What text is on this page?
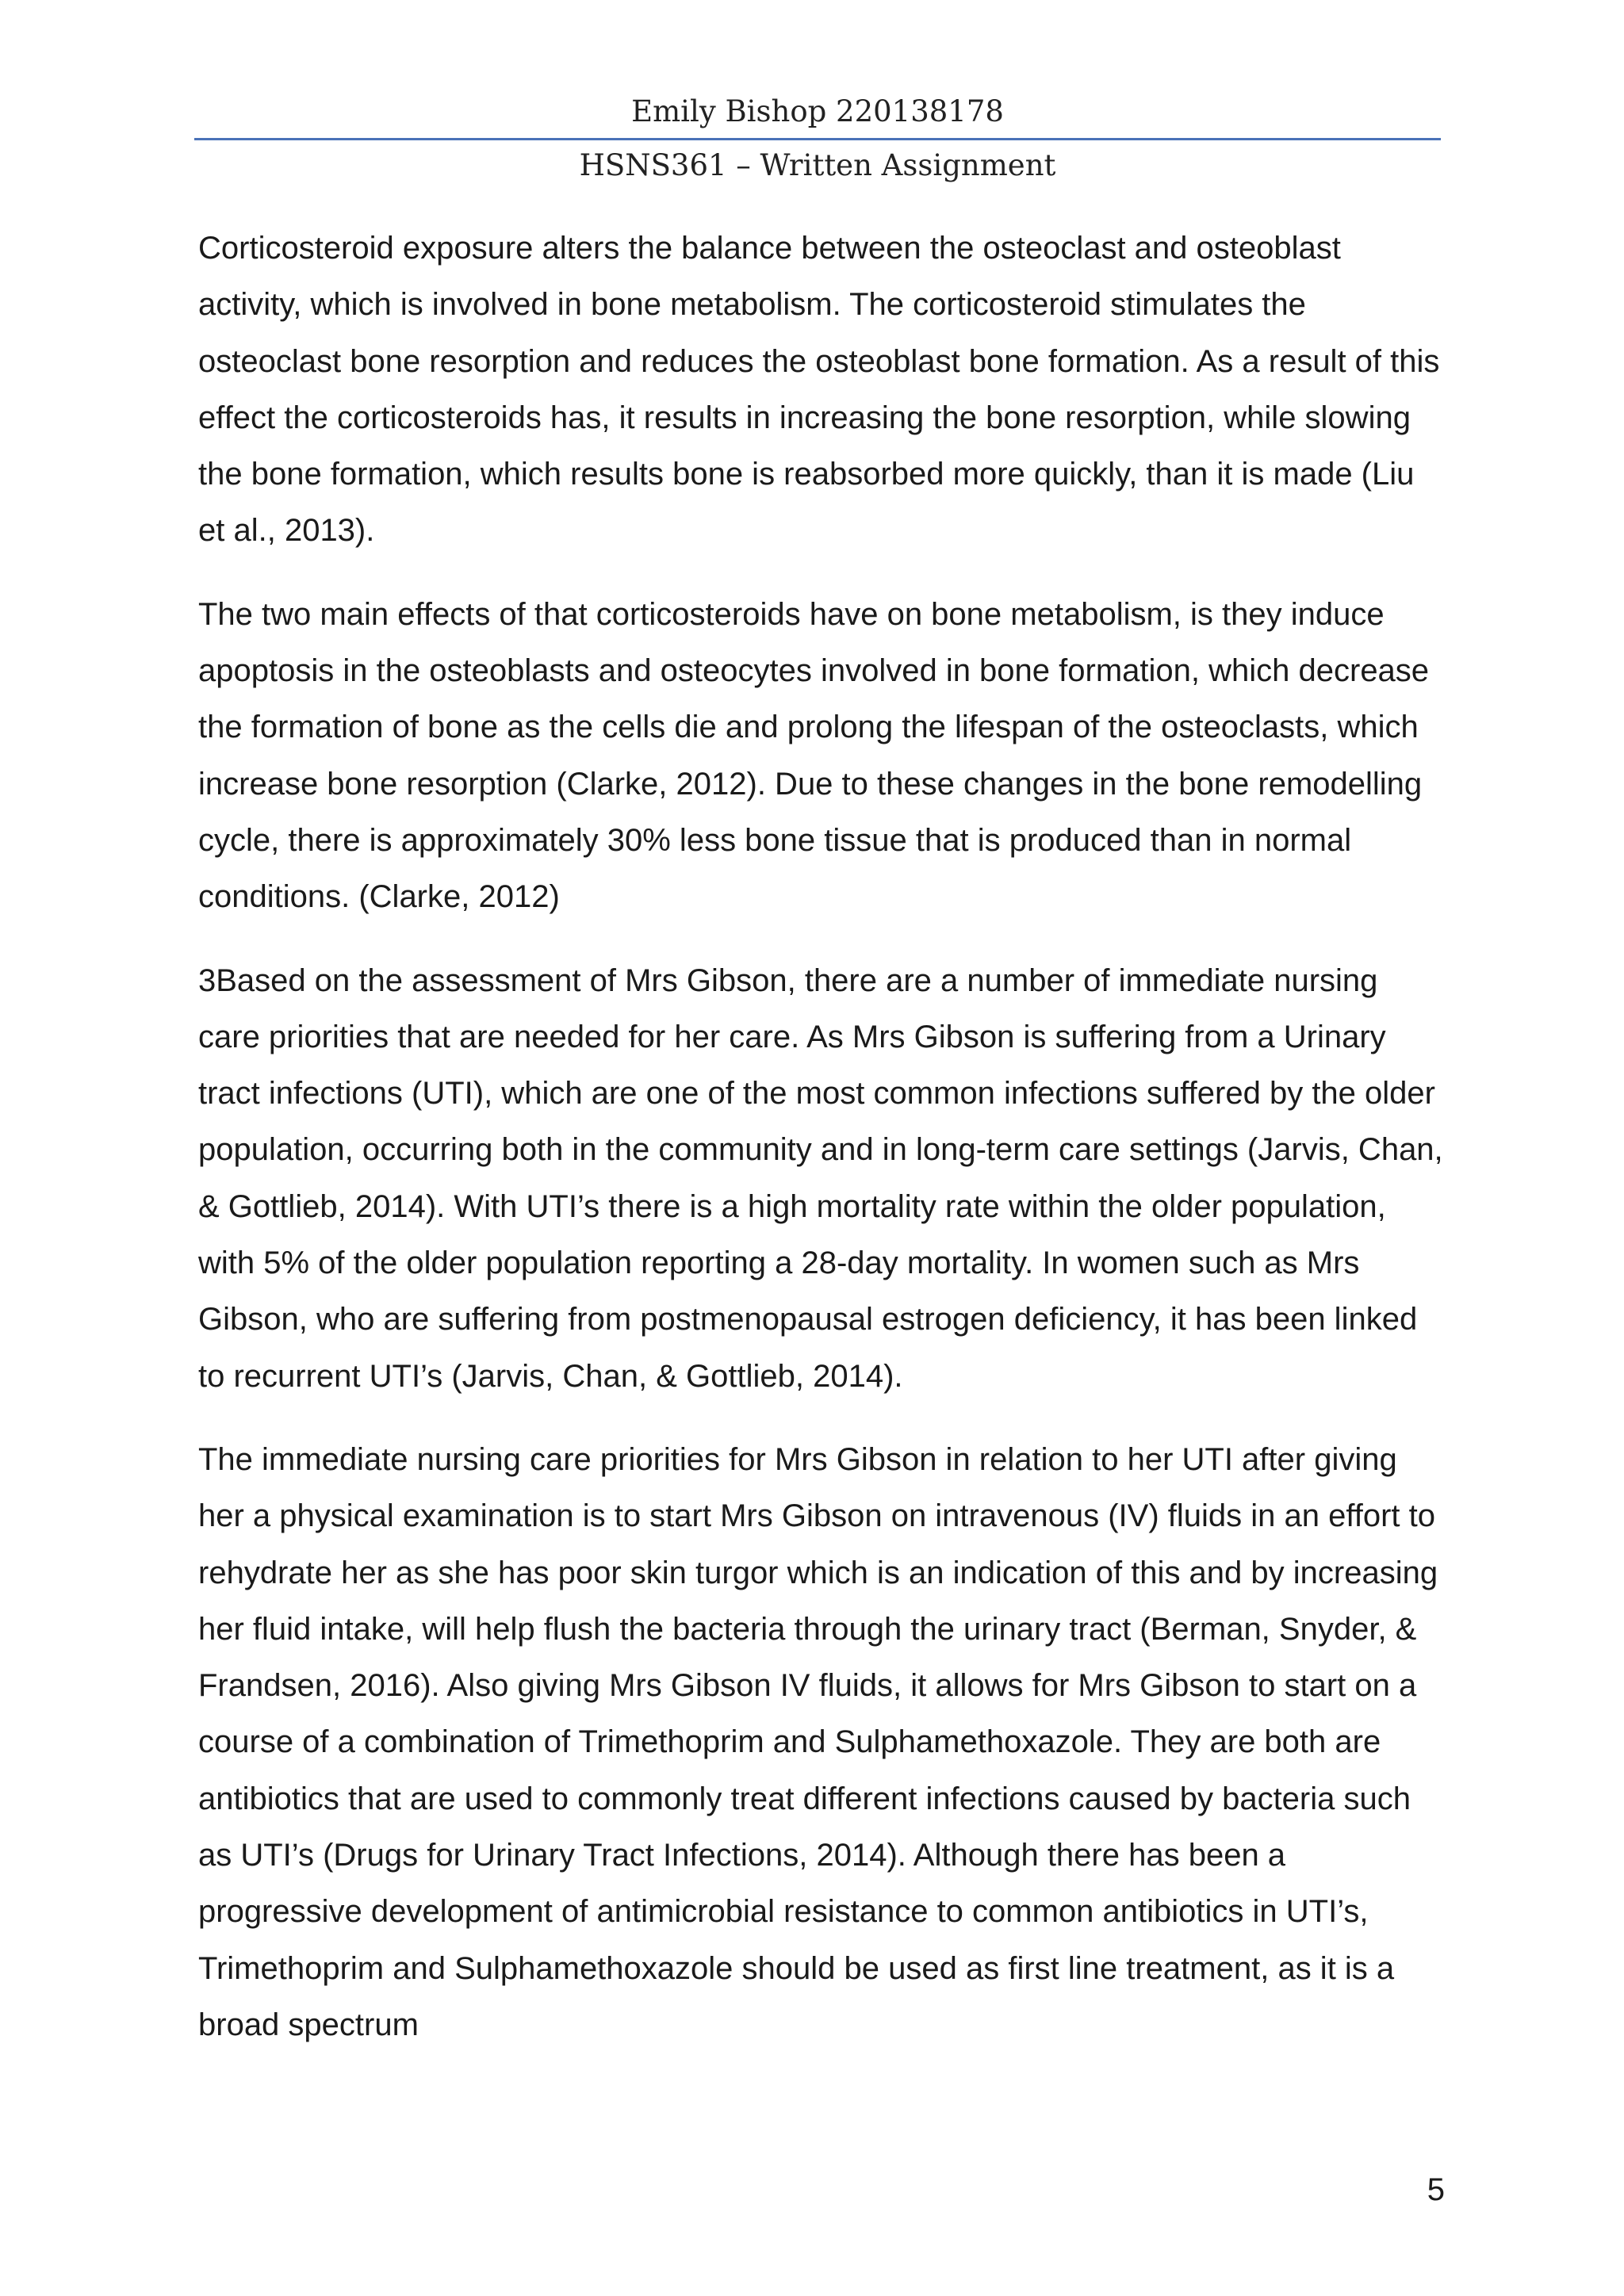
Emily Bishop 220138178
HSNS361 – Written Assignment

Corticosteroid exposure alters the balance between the osteoclast and osteoblast activity, which is involved in bone metabolism. The corticosteroid stimulates the osteoclast bone resorption and reduces the osteoblast bone formation. As a result of this effect the corticosteroids has, it results in increasing the bone resorption, while slowing the bone formation, which results bone is reabsorbed more quickly, than it is made (Liu et al., 2013).

The two main effects of that corticosteroids have on bone metabolism, is they induce apoptosis in the osteoblasts and osteocytes involved in bone formation, which decrease the formation of bone as the cells die and prolong the lifespan of the osteoclasts, which increase bone resorption (Clarke, 2012). Due to these changes in the bone remodelling cycle, there is approximately 30% less bone tissue that is produced than in normal conditions. (Clarke, 2012)

3Based on the assessment of Mrs Gibson, there are a number of immediate nursing care priorities that are needed for her care. As Mrs Gibson is suffering from a Urinary tract infections (UTI), which are one of the most common infections suffered by the older population, occurring both in the community and in long-term care settings (Jarvis, Chan, & Gottlieb, 2014). With UTI’s there is a high mortality rate within the older population, with 5% of the older population reporting a 28-day mortality. In women such as Mrs Gibson, who are suffering from postmenopausal estrogen deficiency, it has been linked to recurrent UTI’s (Jarvis, Chan, & Gottlieb, 2014).

The immediate nursing care priorities for Mrs Gibson in relation to her UTI after giving her a physical examination is to start Mrs Gibson on intravenous (IV) fluids in an effort to rehydrate her as she has poor skin turgor which is an indication of this and by increasing her fluid intake, will help flush the bacteria through the urinary tract (Berman, Snyder, & Frandsen, 2016). Also giving Mrs Gibson IV fluids, it allows for Mrs Gibson to start on a course of a combination of Trimethoprim and Sulphamethoxazole. They are both are antibiotics that are used to commonly treat different infections caused by bacteria such as UTI’s (Drugs for Urinary Tract Infections, 2014). Although there has been a progressive development of antimicrobial resistance to common antibiotics in UTI’s, Trimethoprim and Sulphamethoxazole should be used as first line treatment, as it is a broad spectrum

5
